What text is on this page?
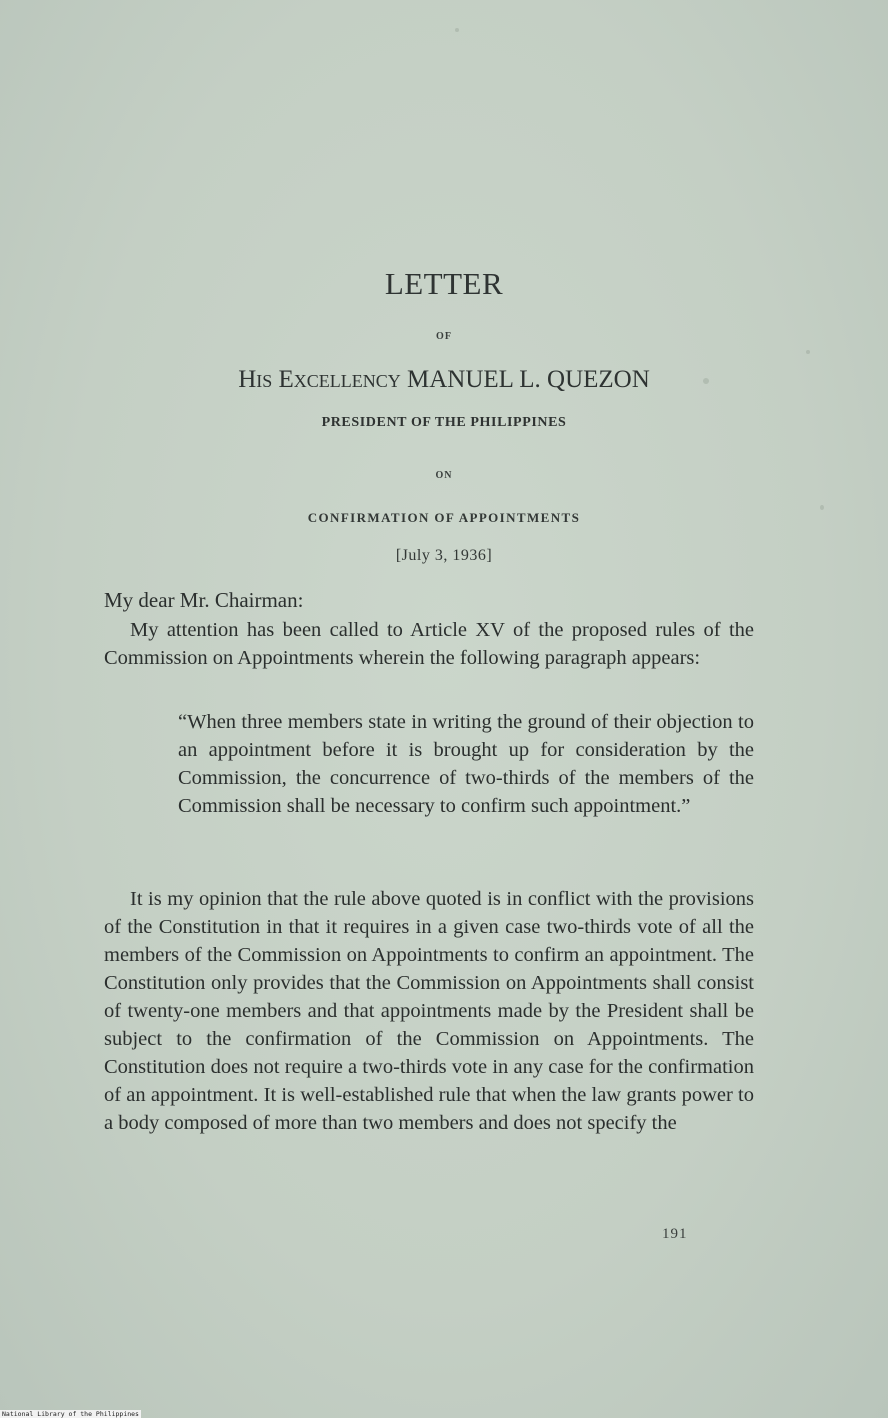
LETTER
OF
His Excellency MANUEL L. QUEZON
PRESIDENT OF THE PHILIPPINES
ON
CONFIRMATION OF APPOINTMENTS
[July 3, 1936]
My dear Mr. Chairman:
My attention has been called to Article XV of the proposed rules of the Commission on Appointments wherein the following paragraph appears:
“When three members state in writing the ground of their objection to an appointment before it is brought up for consideration by the Commission, the concurrence of two-thirds of the members of the Commission shall be necessary to confirm such appointment.”
It is my opinion that the rule above quoted is in conflict with the provisions of the Constitution in that it requires in a given case two-thirds vote of all the members of the Commission on Appointments to confirm an appointment. The Constitution only provides that the Commission on Appointments shall consist of twenty-one members and that appointments made by the President shall be subject to the confirmation of the Commission on Appointments. The Constitution does not require a two-thirds vote in any case for the confirmation of an appointment. It is well-established rule that when the law grants power to a body composed of more than two members and does not specify the
191
National Library of the Philippines
